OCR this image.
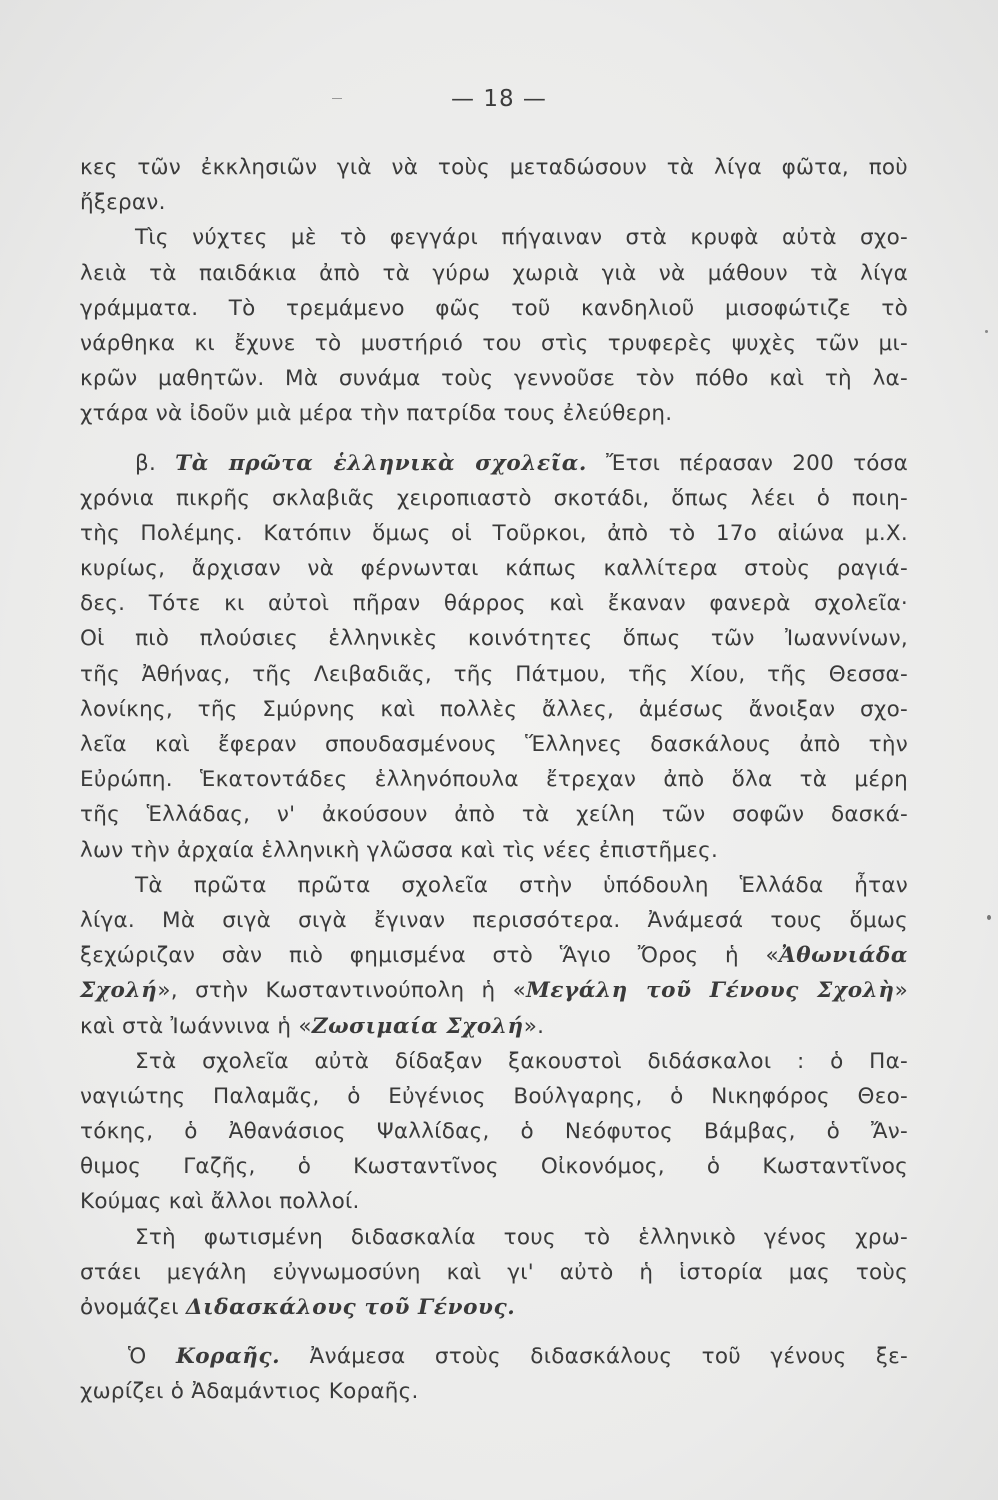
— 18 —
κες τῶν ἐκκλησιῶν γιὰ νὰ τοὺς μεταδώσουν τὰ λίγα φῶτα, ποὺ
ἤξεραν.
Τὶς νύχτες μὲ τὸ φεγγάρι πήγαιναν στὰ κρυφὰ αὐτὰ σχο-
λειὰ τὰ παιδάκια ἀπὸ τὰ γύρω χωριὰ γιὰ νὰ μάθουν τὰ λίγα
γράμματα. Τὸ τρεμάμενο φῶς τοῦ κανδηλιοῦ μισοφώτιζε τὸ
νάρθηκα κι ἔχυνε τὸ μυστήριό του στὶς τρυφερὲς ψυχὲς τῶν μι-
κρῶν μαθητῶν. Μὰ συνάμα τοὺς γεννοῦσε τὸν πόθο καὶ τὴ λα-
χτάρα νὰ ἰδοῦν μιὰ μέρα τὴν πατρίδα τους ἐλεύθερη.
β. Τὰ πρῶτα ἑλληνικὰ σχολεῖα. Ἔτσι πέρασαν 200 τόσα
χρόνια πικρῆς σκλαβιᾶς χειροπιαστὸ σκοτάδι, ὅπως λέει ὁ ποιη-
τὴς Πολέμης. Κατόπιν ὅμως οἱ Τοῦρκοι, ἀπὸ τὸ 17ο αἰώνα μ.Χ.
κυρίως, ἄρχισαν νὰ φέρνωνται κάπως καλλίτερα στοὺς ραγιά-
δες. Τότε κι αὐτοὶ πῆραν θάρρος καὶ ἔκαναν φανερὰ σχολεῖα·
Οἱ πιὸ πλούσιες ἑλληνικὲς κοινότητες ὅπως τῶν Ἰωαννίνων,
τῆς Ἀθήνας, τῆς Λειβαδιᾶς, τῆς Πάτμου, τῆς Χίου, τῆς Θεσσα-
λονίκης, τῆς Σμύρνης καὶ πολλὲς ἄλλες, ἀμέσως ἄνοιξαν σχο-
λεῖα καὶ ἔφεραν σπουδασμένους Ἕλληνες δασκάλους ἀπὸ τὴν
Εὐρώπη. Ἑκατοντάδες ἑλληνόπουλα ἔτρεχαν ἀπὸ ὅλα τὰ μέρη
τῆς Ἑλλάδας, ν' ἀκούσουν ἀπὸ τὰ χείλη τῶν σοφῶν δασκά-
λων τὴν ἀρχαία ἑλληνικὴ γλῶσσα καὶ τὶς νέες ἐπιστῆμες.
Τὰ πρῶτα πρῶτα σχολεῖα στὴν ὑπόδουλη Ἑλλάδα ἦταν
λίγα. Μὰ σιγὰ σιγὰ ἔγιναν περισσότερα. Ἀνάμεσά τους ὅμως
ξεχώριζαν σὰν πιὸ φημισμένα στὸ Ἅγιο Ὄρος ἡ «Ἀθωνιάδα
Σχολή», στὴν Κωσταντινούπολη ἡ «Μεγάλη τοῦ Γένους Σχολὴ»
καὶ στὰ Ἰωάννινα ἡ «Ζωσιμαία Σχολή».
Στὰ σχολεῖα αὐτὰ δίδαξαν ξακουστοὶ διδάσκαλοι : ὁ Πα-
ναγιώτης Παλαμᾶς, ὁ Εὐγένιος Βούλγαρης, ὁ Νικηφόρος Θεο-
τόκης, ὁ Ἀθανάσιος Ψαλλίδας, ὁ Νεόφυτος Βάμβας, ὁ Ἄν-
θιμος Γαζῆς, ὁ Κωσταντῖνος Οἰκονόμος, ὁ Κωσταντῖνος
Κούμας καὶ ἄλλοι πολλοί.
Στὴ φωτισμένη διδασκαλία τους τὸ ἑλληνικὸ γένος χρω-
στάει μεγάλη εὐγνωμοσύνη καὶ γι' αὐτὸ ἡ ἱστορία μας τοὺς
ὀνομάζει Διδασκάλους τοῦ Γένους.
Ὁ Κοραῆς. Ἀνάμεσα στοὺς διδασκάλους τοῦ γένους ξε-
χωρίζει ὁ Ἀδαμάντιος Κοραῆς.
